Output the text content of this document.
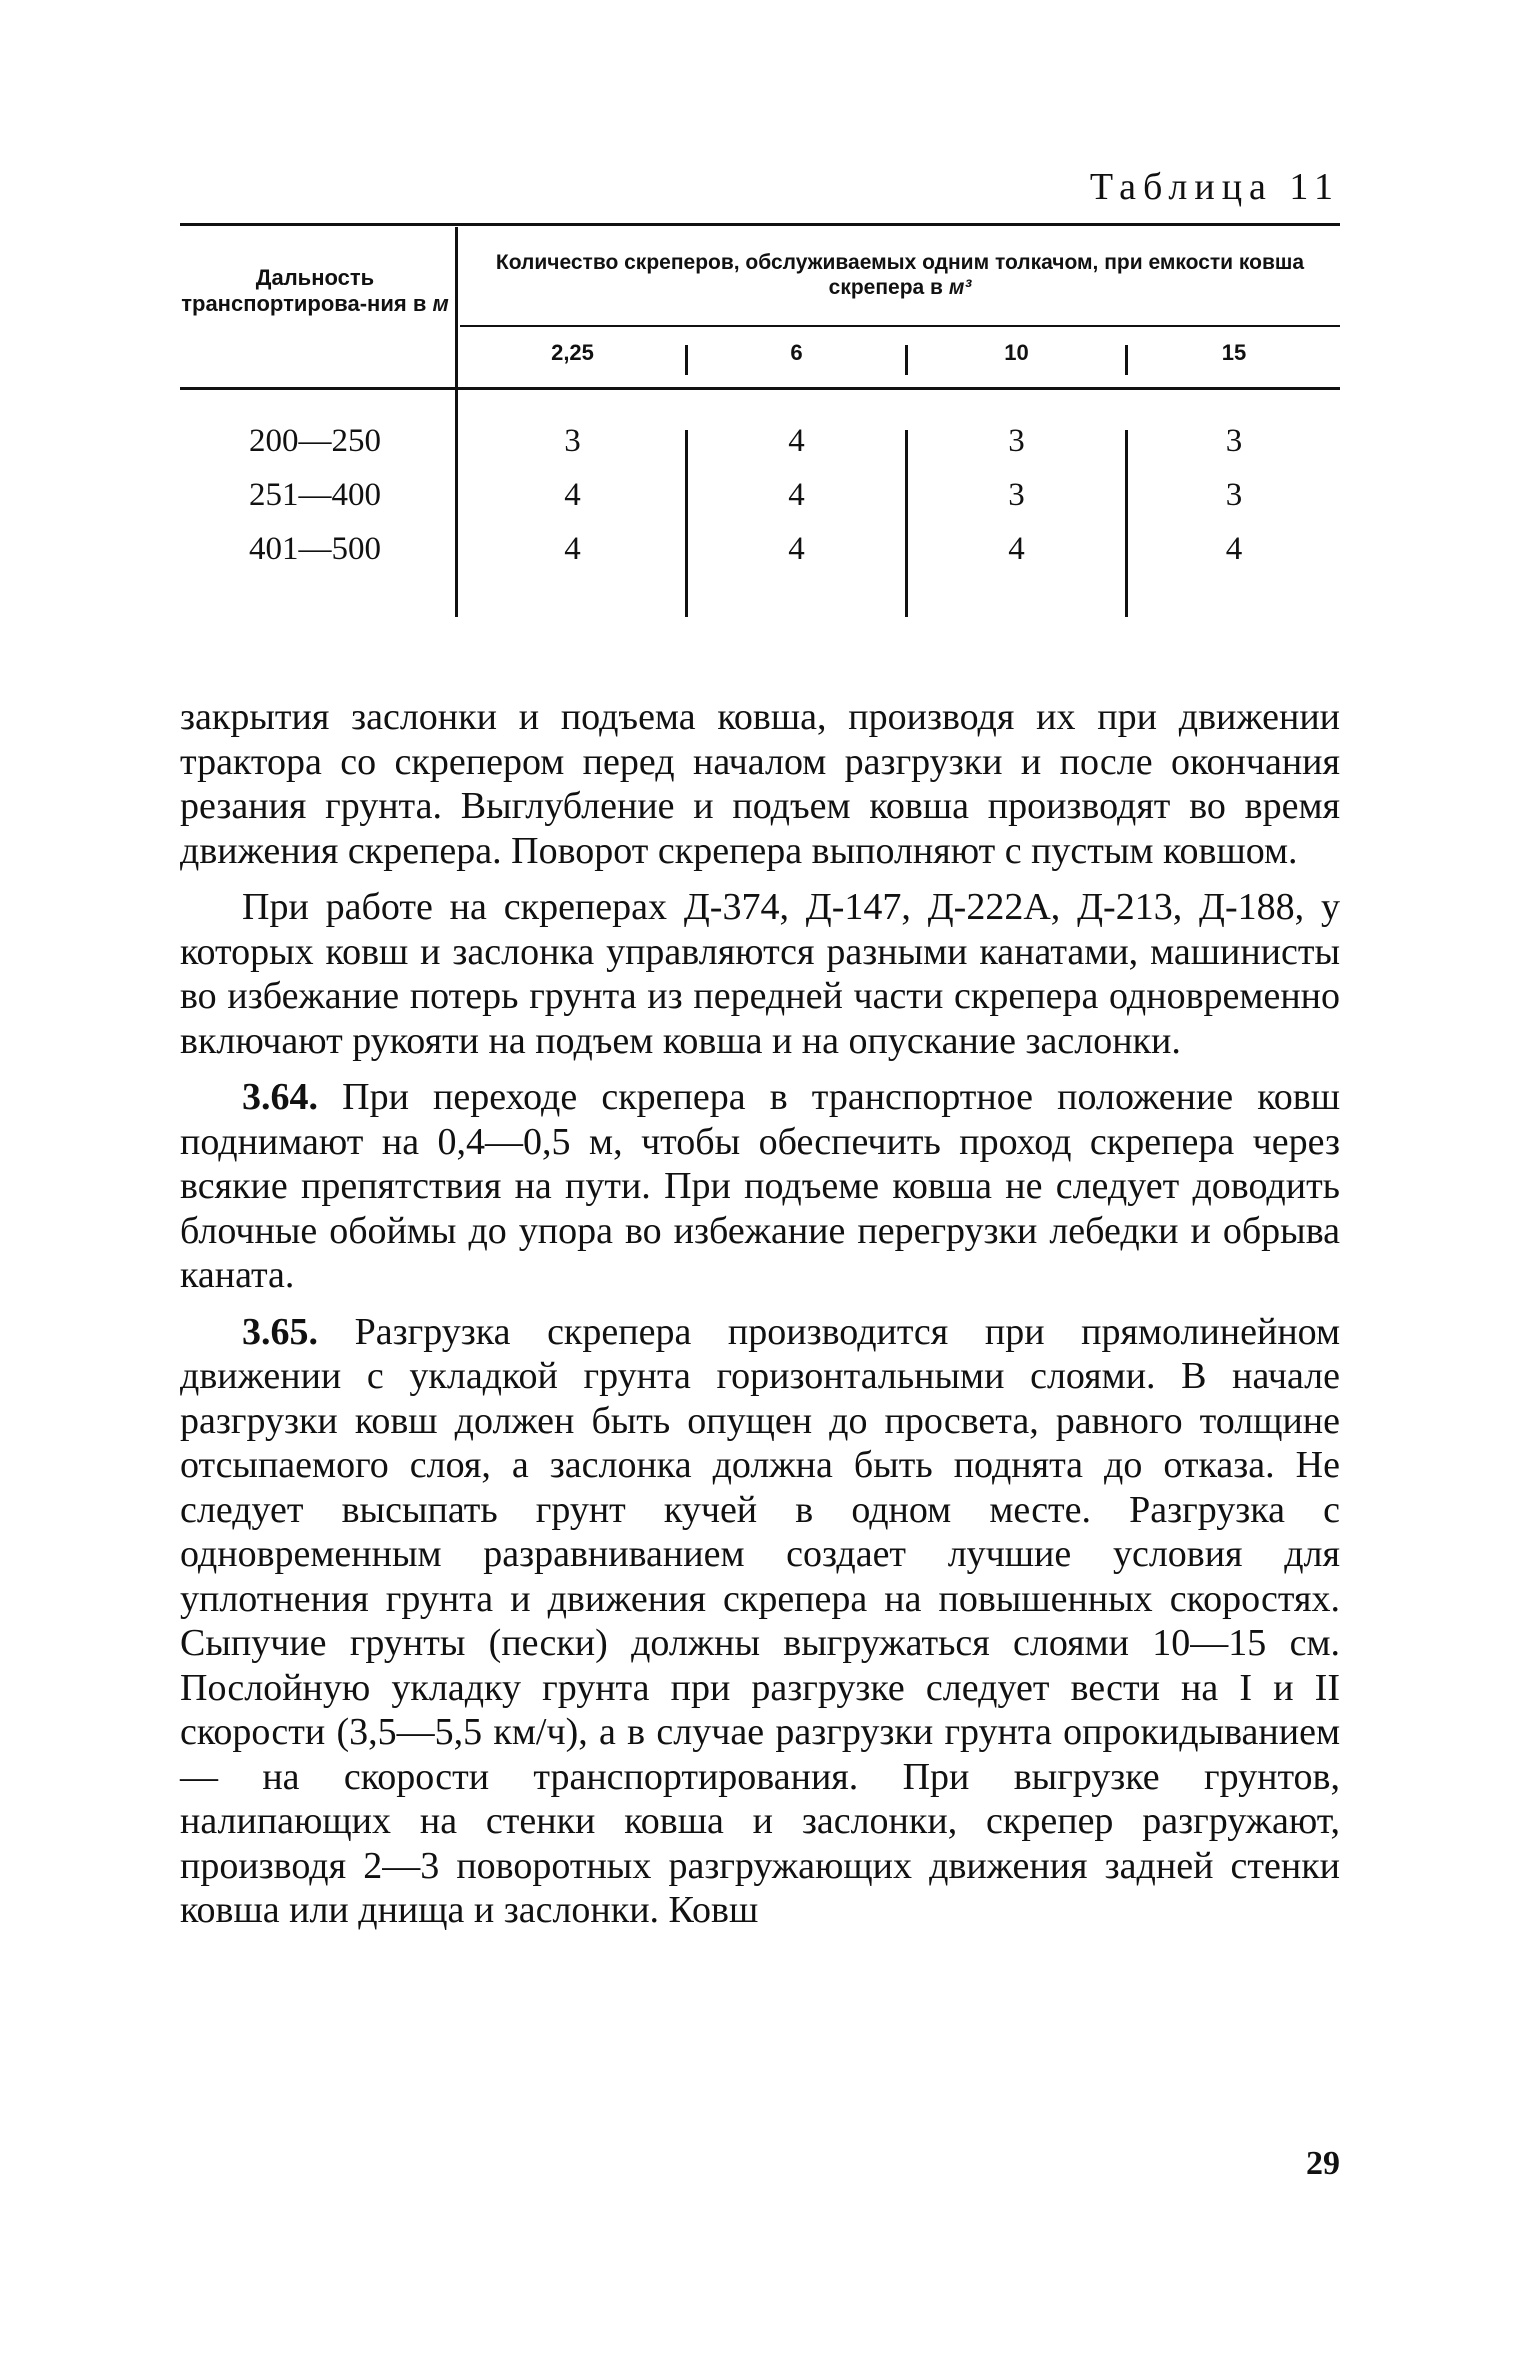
Таблица 11
Дальность транспортирова-ния в м
Количество скреперов, обслуживаемых одним толкачом, при емкости ковша скрепера в м³
2,25	6	10	15
200—250	3	4	3	3
251—400	4	4	3	3
401—500	4	4	4	4

закрытия заслонки и подъема ковша, производя их при движении трактора со скрепером перед началом разгрузки и после окончания резания грунта. Выглубление и подъем ковша производят во время движения скрепера. Поворот скрепера выполняют с пустым ковшом.

При работе на скреперах Д-374, Д-147, Д-222А, Д-213, Д-188, у которых ковш и заслонка управляются разными канатами, машинисты во избежание потерь грунта из передней части скрепера одновременно включают рукояти на подъем ковша и на опускание заслонки.

3.64. При переходе скрепера в транспортное положение ковш поднимают на 0,4—0,5 м, чтобы обеспечить проход скрепера через всякие препятствия на пути. При подъеме ковша не следует доводить блочные обоймы до упора во избежание перегрузки лебедки и обрыва каната.

3.65. Разгрузка скрепера производится при прямолинейном движении с укладкой грунта горизонтальными слоями. В начале разгрузки ковш должен быть опущен до просвета, равного толщине отсыпаемого слоя, а заслонка должна быть поднята до отказа. Не следует высыпать грунт кучей в одном месте. Разгрузка с одновременным разравниванием создает лучшие условия для уплотнения грунта и движения скрепера на повышенных скоростях. Сыпучие грунты (пески) должны выгружаться слоями 10—15 см. Послойную укладку грунта при разгрузке следует вести на I и II скорости (3,5—5,5 км/ч), а в случае разгрузки грунта опрокидыванием — на скорости транспортирования. При выгрузке грунтов, налипающих на стенки ковша и заслонки, скрепер разгружают, производя 2—3 поворотных разгружающих движения задней стенки ковша или днища и заслонки. Ковш

29
